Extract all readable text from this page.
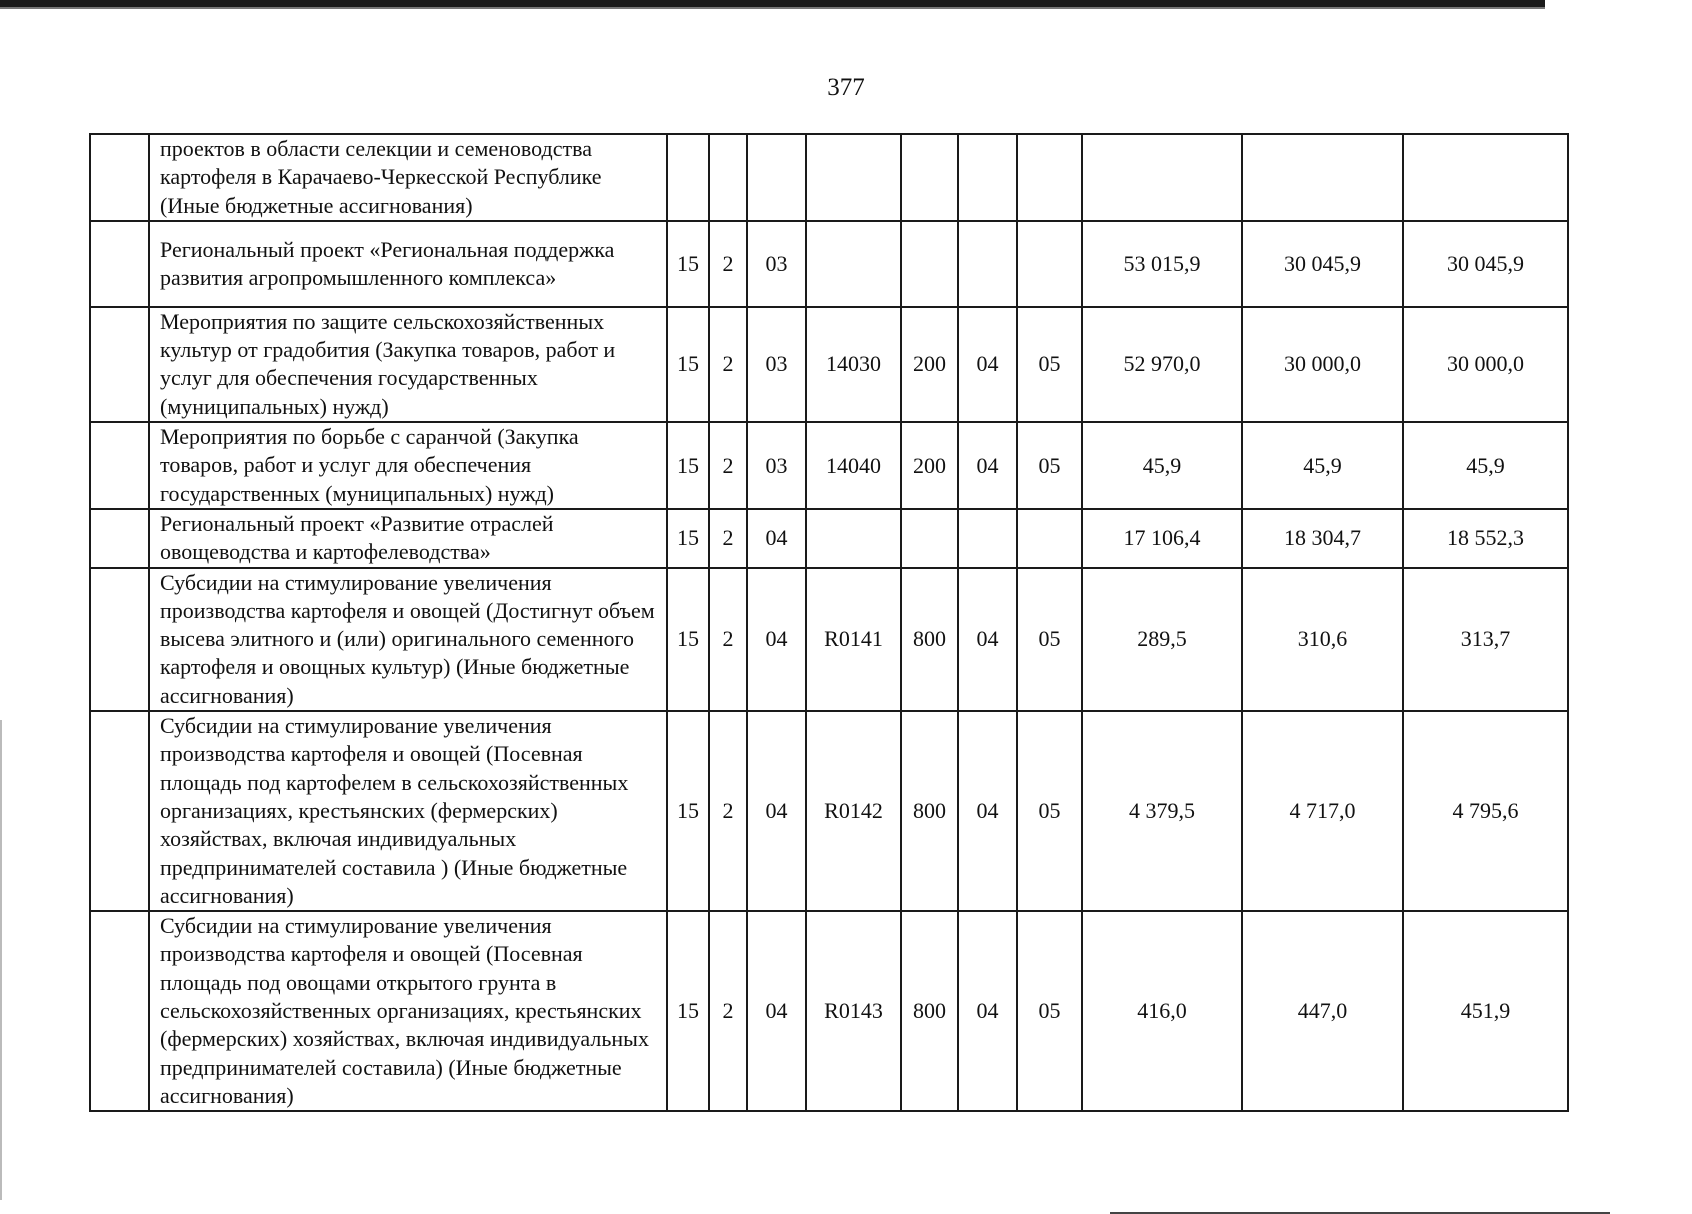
377
	проектов в области селекции и семеноводства картофеля в Карачаево-Черкесской Республике (Иные бюджетные ассигнования)										
	Региональный проект «Региональная поддержка развития агропромышленного комплекса»	15	2	03					53 015,9	30 045,9	30 045,9
	Мероприятия по защите сельскохозяйственных культур от градобития (Закупка товаров, работ и услуг для обеспечения государственных (муниципальных) нужд)	15	2	03	14030	200	04	05	52 970,0	30 000,0	30 000,0
	Мероприятия по борьбе с саранчой (Закупка товаров, работ и услуг для обеспечения государственных (муниципальных) нужд)	15	2	03	14040	200	04	05	45,9	45,9	45,9
	Региональный проект «Развитие отраслей овощеводства и картофелеводства»	15	2	04					17 106,4	18 304,7	18 552,3
	Субсидии на стимулирование увеличения производства картофеля и овощей (Достигнут объем высева элитного и (или) оригинального семенного картофеля и овощных культур) (Иные бюджетные ассигнования)	15	2	04	R0141	800	04	05	289,5	310,6	313,7
	Субсидии на стимулирование увеличения производства картофеля и овощей (Посевная площадь под картофелем в сельскохозяйственных организациях, крестьянских (фермерских) хозяйствах, включая индивидуальных предпринимателей составила ) (Иные бюджетные ассигнования)	15	2	04	R0142	800	04	05	4 379,5	4 717,0	4 795,6
	Субсидии на стимулирование увеличения производства картофеля и овощей (Посевная площадь под овощами открытого грунта в сельскохозяйственных организациях, крестьянских (фермерских) хозяйствах, включая индивидуальных предпринимателей составила) (Иные бюджетные ассигнования)	15	2	04	R0143	800	04	05	416,0	447,0	451,9
